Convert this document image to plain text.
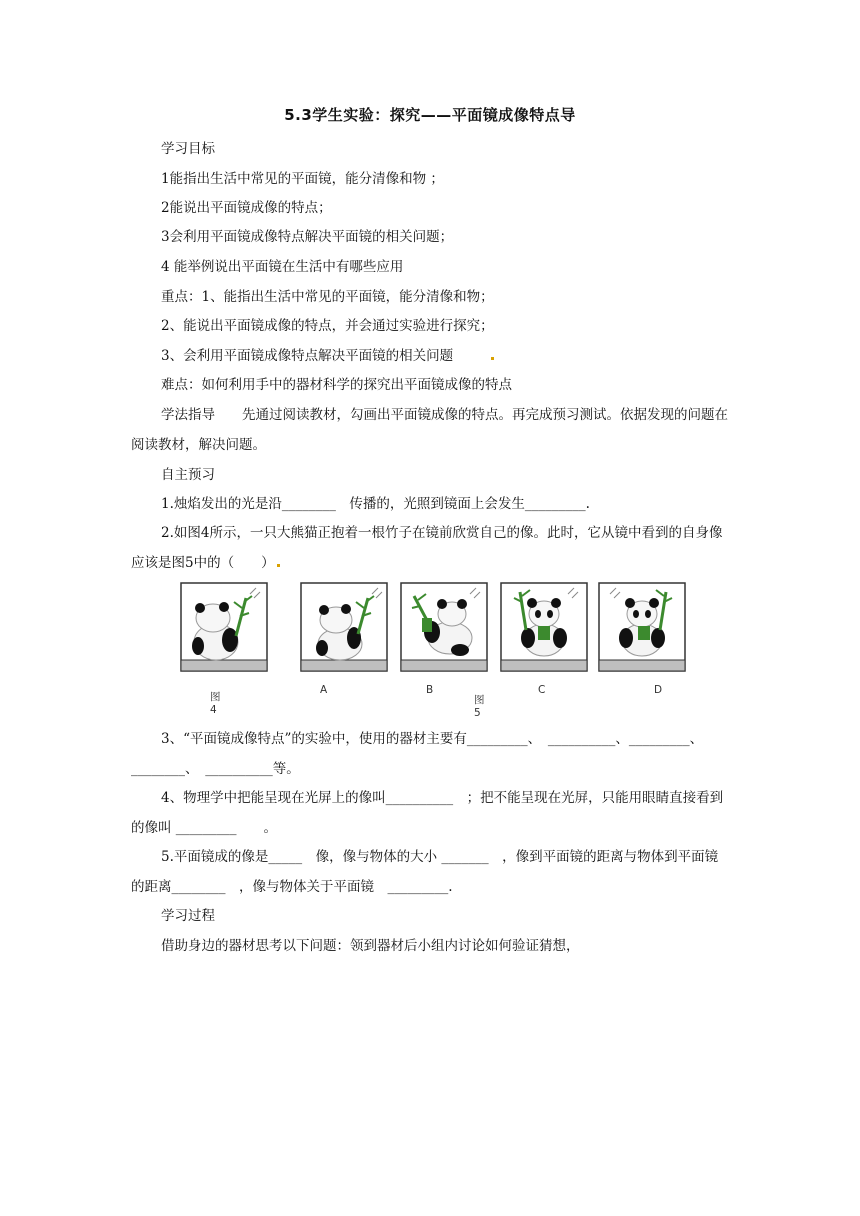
5.3学生实验：探究——平面镜成像特点导
学习目标
1能指出生活中常见的平面镜，能分清像和物 ；
2能说出平面镜成像的特点；
3会利用平面镜成像特点解决平面镜的相关问题；
4 能举例说出平面镜在生活中有哪些应用
重点：1、能指出生活中常见的平面镜，能分清像和物；
2、能说出平面镜成像的特点，并会通过实验进行探究；
3、会利用平面镜成像特点解决平面镜的相关问题
难点：如何利用手中的器材科学的探究出平面镜成像的特点
学法指导　　先通过阅读教材，勾画出平面镜成像的特点。再完成预习测试。依据发现的问题在阅读教材，解决问题。
自主预习
1.烛焰发出的光是沿________　传播的，光照到镜面上会发生_________.
2.如图4所示，一只大熊猫正抱着一根竹子在镜前欣赏自己的像。此时，它从镜中看到的自身像应该是图5中的（　　）
图4
A	B
图5
C	D
3、“平面镜成像特点”的实验中，使用的器材主要有_________、　__________、_________、________、　__________等。
4、物理学中把能呈现在光屏上的像叫__________　；把不能呈现在光屏，只能用眼睛直接看到的像叫 _________　　。
5.平面镜成的像是_____　像，像与物体的大小 _______　，像到平面镜的距离与物体到平面镜的距离________　，像与物体关于平面镜　_________.
学习过程
借助身边的器材思考以下问题：领到器材后小组内讨论如何验证猜想，
